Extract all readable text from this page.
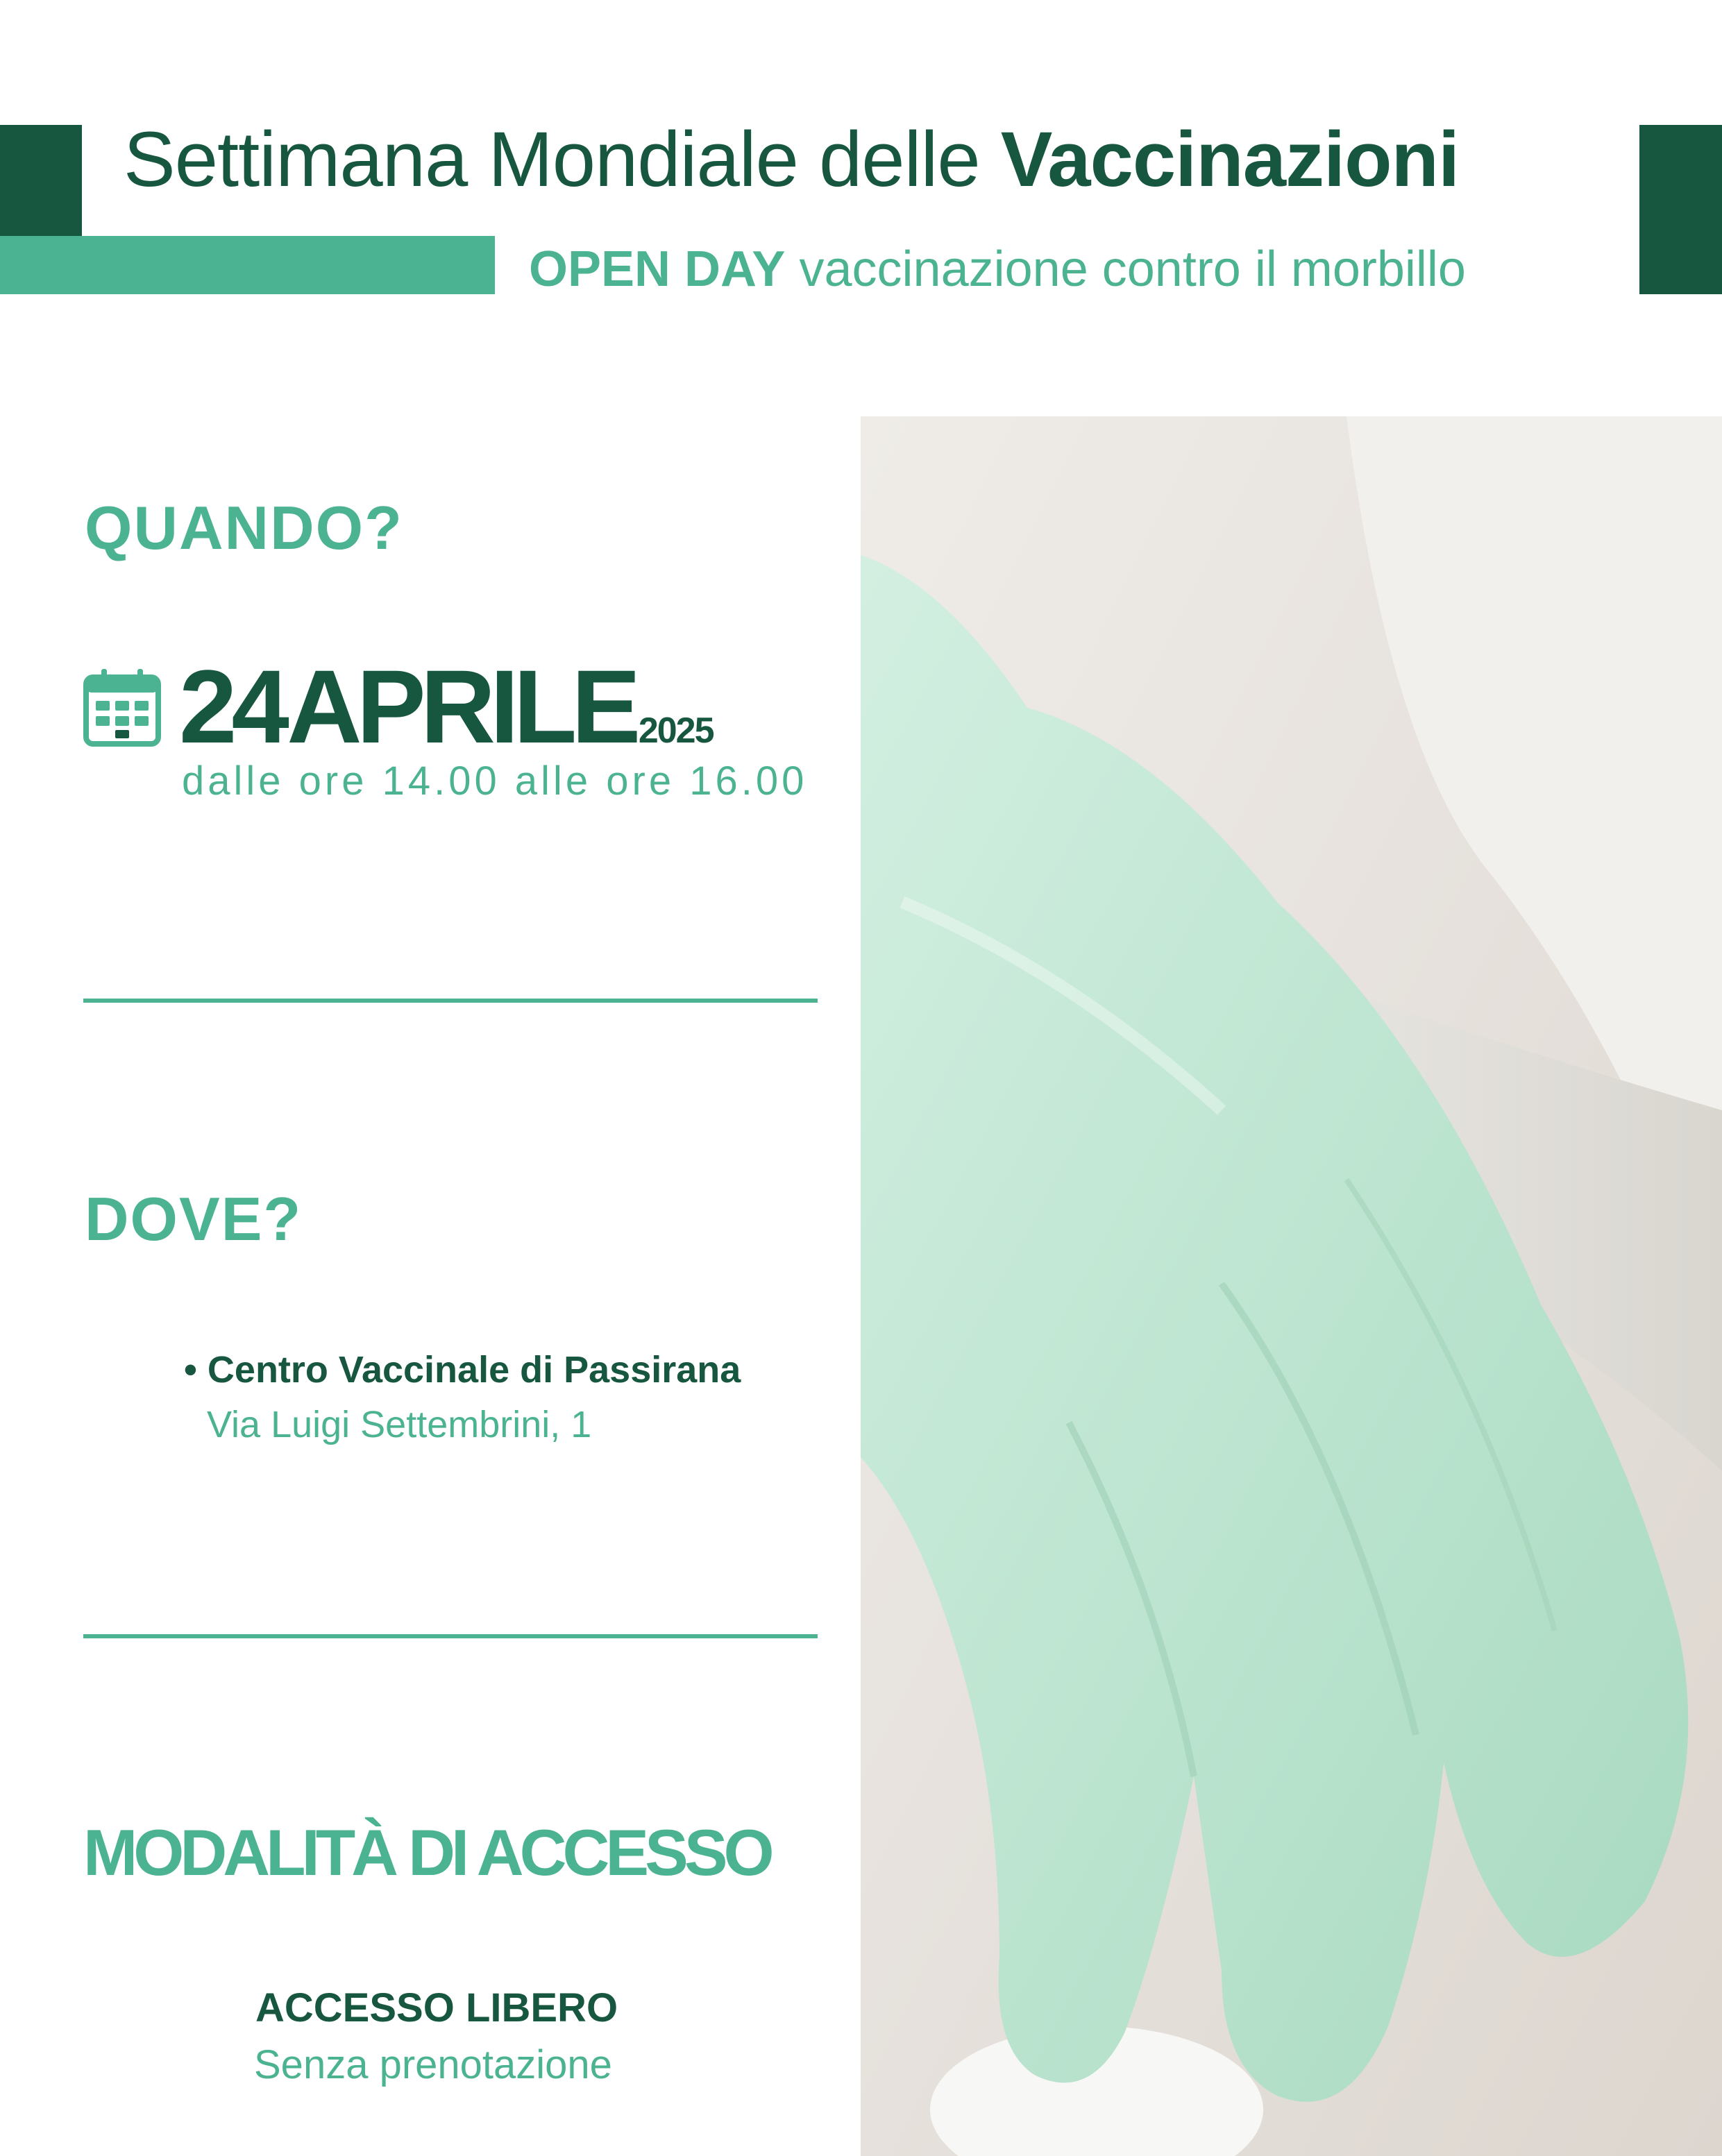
Settimana Mondiale delle Vaccinazioni
OPEN DAY vaccinazione contro il morbillo
QUANDO?
24 APRILE 2025
dalle ore 14.00 alle ore 16.00
DOVE?
• Centro Vaccinale di Passirana
Via Luigi Settembrini, 1
MODALITÀ DI ACCESSO
ACCESSO LIBERO
Senza prenotazione
